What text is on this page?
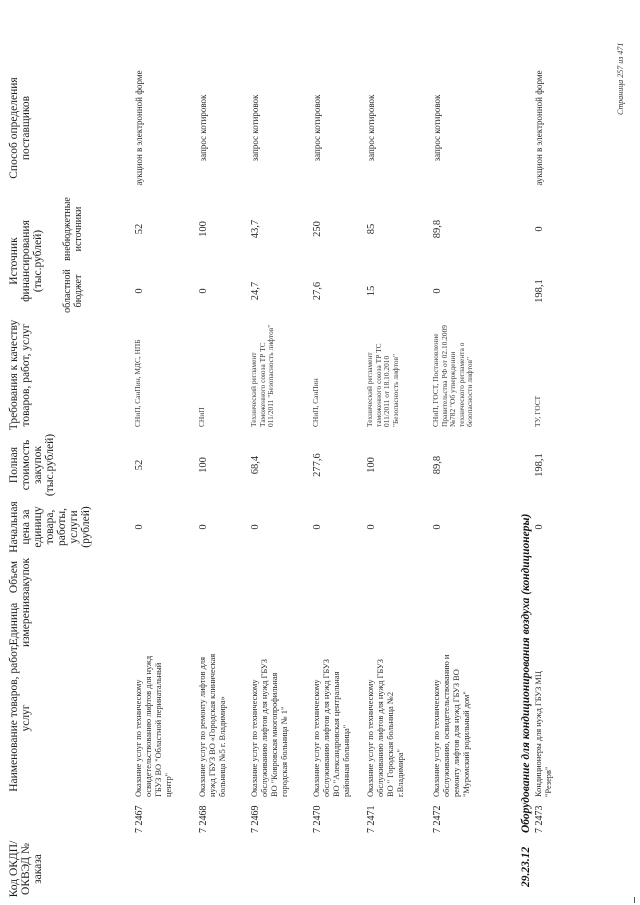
Код ОКДП/ ОКВЭД № заказа
Наименование товаров, работ, услуг
Единица измерения
Объем закупок
Начальная цена за единицу товара, работы, услуги (рублей)
Полная стоимость закупок (тыс.рублей)
Требования к качеству товаров, работ, услуг
Источник финансирования (тыс.рублей) областной бюджет
внебюджетные источники
Способ определения поставщиков
7 2467
Оказание услуг по техническому освидетельствованию лифтов для нужд ГБУЗ ВО "Областной перинатальный центр"
0
52
СНиП, СанПин, МДС, НПБ
0
52
аукцион в электронной форме
7 2468
Оказание услуг по ремонту лифтов для нужд ГБУЗ ВО «Городская клиническая больница №5 г. Владимира»
0
100
СНиП
0
100
запрос котировок
7 2469
Оказание услуг по техническому обслуживанию лифтов для нужд ГБУЗ ВО "Ковровская многопрофильная городская больница № 1"
0
68,4
Технический регламент Таможенного союза ТР ТС 011/2011 "Безопасность лифтов"
24,7
43,7
запрос котировок
7 2470
Оказание услуг по техническому обслуживанию лифтов для нужд ГБУЗ ВО "Александровская центральная районная больница"
0
277,6
СНиП, СанПин
27,6
250
запрос котировок
7 2471
Оказание услуг по техническому обслуживанию лифтов для нужд ГБУЗ ВО " Городская больница №2 г.Владимира"
0
100
Технический регламент таможенного союза ТР ТС 011/2011 от 18.10.2010 "Безопасность лифтов"
15
85
запрос котировок
7 2472
Оказание услуг по техническому обслуживанию, освидетельствованию и ремонту лифтов для нужд ГБУЗ ВО "Муромский родильный дом"
0
89,8
СНиП, ГОСТ, Постановление Правительства РФ от 02.10.2009 №782 "Об утверждении технического регламента о безопасности лифтов"
0
89,8
запрос котировок
29.23.12  Оборудование для кондиционирования воздуха (кондиционеры) 7 2473
Кондиционеры для нужд ГБУЗ МЦ "Резерв"
0
198,1
ТУ, ГОСТ
198,1
0
аукцион в электронной форме	Страница 257 из 471
